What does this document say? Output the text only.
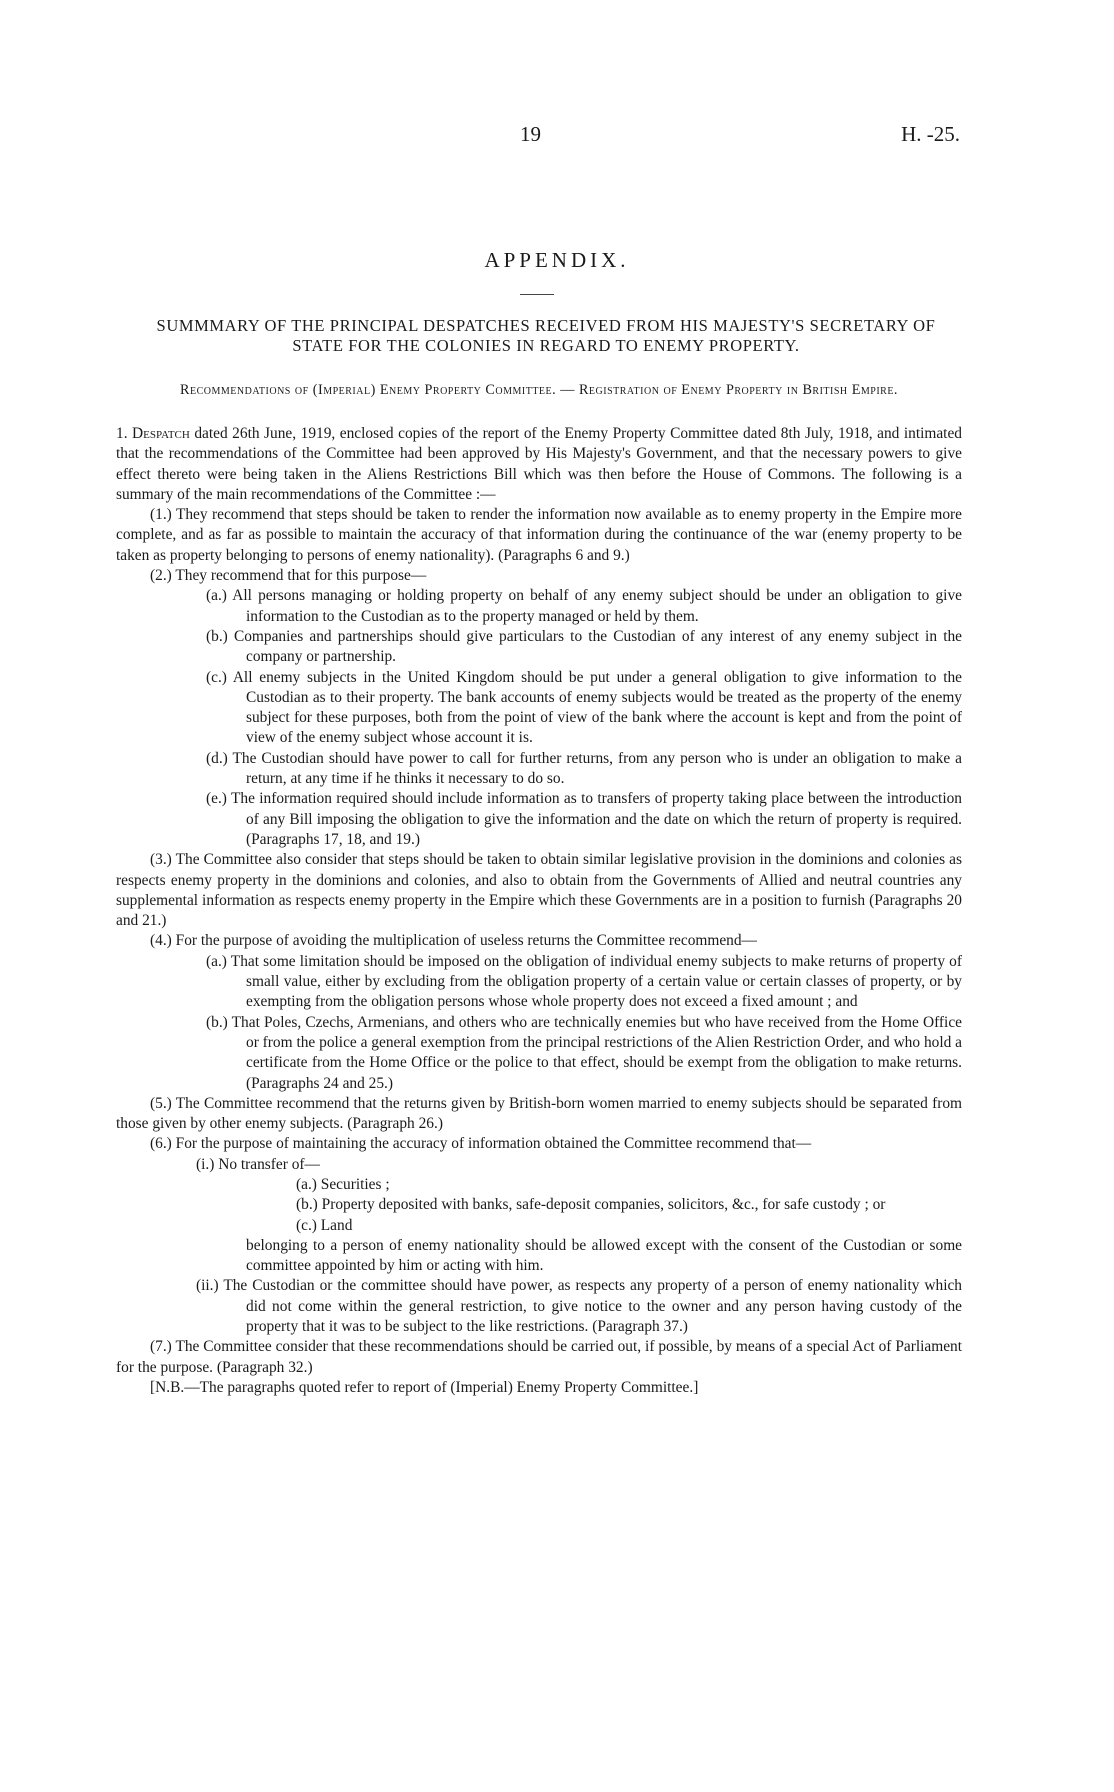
19	H. -25.
APPENDIX.
SUMMMARY OF THE PRINCIPAL DESPATCHES RECEIVED FROM HIS MAJESTY'S SECRETARY OF STATE FOR THE COLONIES IN REGARD TO ENEMY PROPERTY.
Recommendations of (Imperial) Enemy Property Committee. — Registration of Enemy Property in British Empire.

1. Despatch dated 26th June, 1919, enclosed copies of the report of the Enemy Property Committee dated 8th July, 1918, and intimated that the recommendations of the Committee had been approved by His Majesty's Government, and that the necessary powers to give effect thereto were being taken in the Aliens Restrictions Bill which was then before the House of Commons. The following is a summary of the main recommendations of the Committee :—

(1.) They recommend that steps should be taken to render the information now available as to enemy property in the Empire more complete, and as far as possible to maintain the accuracy of that information during the continuance of the war (enemy property to be taken as property belonging to persons of enemy nationality). (Paragraphs 6 and 9.)

(2.) They recommend that for this purpose—

(a.) All persons managing or holding property on behalf of any enemy subject should be under an obligation to give information to the Custodian as to the property managed or held by them.

(b.) Companies and partnerships should give particulars to the Custodian of any interest of any enemy subject in the company or partnership.

(c.) All enemy subjects in the United Kingdom should be put under a general obligation to give information to the Custodian as to their property. The bank accounts of enemy subjects would be treated as the property of the enemy subject for these purposes, both from the point of view of the bank where the account is kept and from the point of view of the enemy subject whose account it is.

(d.) The Custodian should have power to call for further returns, from any person who is under an obligation to make a return, at any time if he thinks it necessary to do so.

(e.) The information required should include information as to transfers of property taking place between the introduction of any Bill imposing the obligation to give the information and the date on which the return of property is required. (Paragraphs 17, 18, and 19.)

(3.) The Committee also consider that steps should be taken to obtain similar legislative provision in the dominions and colonies as respects enemy property in the dominions and colonies, and also to obtain from the Governments of Allied and neutral countries any supplemental information as respects enemy property in the Empire which these Governments are in a position to furnish (Paragraphs 20 and 21.)

(4.) For the purpose of avoiding the multiplication of useless returns the Committee recommend—

(a.) That some limitation should be imposed on the obligation of individual enemy subjects to make returns of property of small value, either by excluding from the obligation property of a certain value or certain classes of property, or by exempting from the obligation persons whose whole property does not exceed a fixed amount ; and

(b.) That Poles, Czechs, Armenians, and others who are technically enemies but who have received from the Home Office or from the police a general exemption from the principal restrictions of the Alien Restriction Order, and who hold a certificate from the Home Office or the police to that effect, should be exempt from the obligation to make returns. (Paragraphs 24 and 25.)

(5.) The Committee recommend that the returns given by British-born women married to enemy subjects should be separated from those given by other enemy subjects. (Paragraph 26.)

(6.) For the purpose of maintaining the accuracy of information obtained the Committee recommend that—

(i.) No transfer of—

(a.) Securities ;

(b.) Property deposited with banks, safe-deposit companies, solicitors, &c., for safe custody ; or

(c.) Land

belonging to a person of enemy nationality should be allowed except with the consent of the Custodian or some committee appointed by him or acting with him.

(ii.) The Custodian or the committee should have power, as respects any property of a person of enemy nationality which did not come within the general restriction, to give notice to the owner and any person having custody of the property that it was to be subject to the like restrictions. (Paragraph 37.)

(7.) The Committee consider that these recommendations should be carried out, if possible, by means of a special Act of Parliament for the purpose. (Paragraph 32.)

[N.B.—The paragraphs quoted refer to report of (Imperial) Enemy Property Committee.]
